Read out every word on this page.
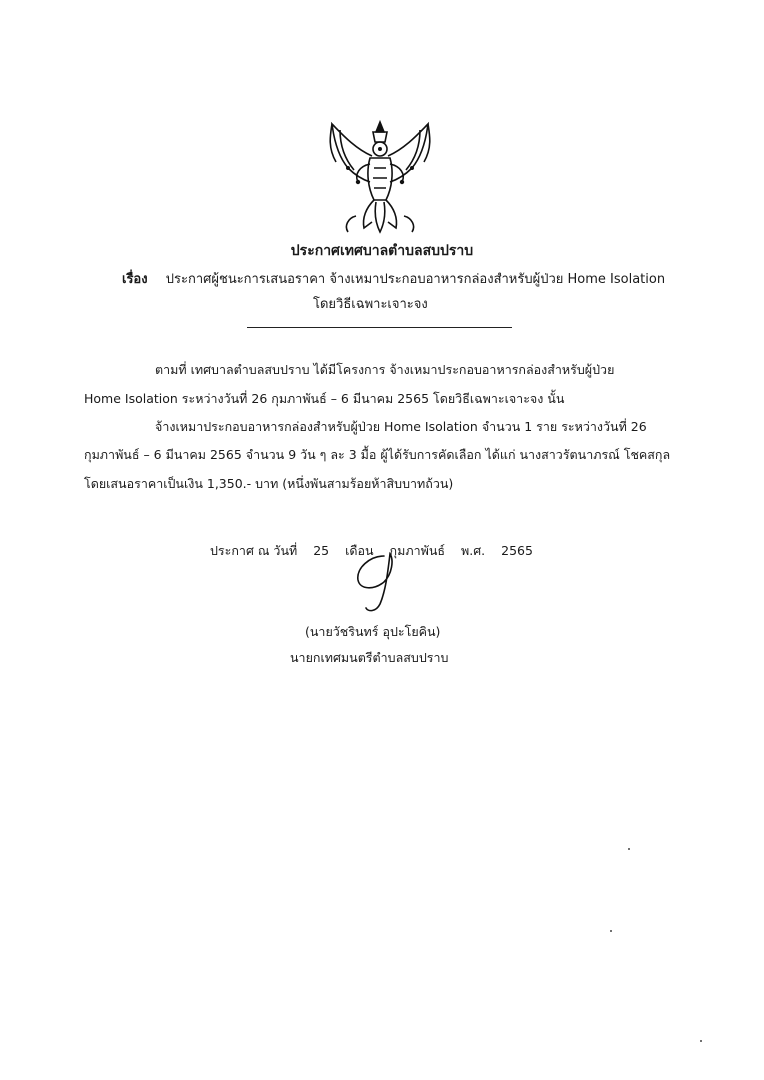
ประกาศเทศบาลตำบลสบปราบ
เรื่อง ประกาศผู้ชนะการเสนอราคา จ้างเหมาประกอบอาหารกล่องสำหรับผู้ป่วย Home Isolation
โดยวิธีเฉพาะเจาะจง
ตามที่ เทศบาลตำบลสบปราบ ได้มีโครงการ จ้างเหมาประกอบอาหารกล่องสำหรับผู้ป่วย
Home Isolation ระหว่างวันที่ 26 กุมภาพันธ์ – 6 มีนาคม 2565 โดยวิธีเฉพาะเจาะจง นั้น
จ้างเหมาประกอบอาหารกล่องสำหรับผู้ป่วย Home Isolation จำนวน 1 ราย ระหว่างวันที่ 26
กุมภาพันธ์ – 6 มีนาคม 2565 จำนวน 9 วัน ๆ ละ 3 มื้อ ผู้ได้รับการคัดเลือก ได้แก่ นางสาวรัตนาภรณ์ โชคสกุล
โดยเสนอราคาเป็นเงิน 1,350.- บาท (หนึ่งพันสามร้อยห้าสิบบาทถ้วน)
ประกาศ ณ วันที่ 25 เดือน กุมภาพันธ์ พ.ศ. 2565
(นายวัชรินทร์ อุปะโยคิน)
นายกเทศมนตรีตำบลสบปราบ
